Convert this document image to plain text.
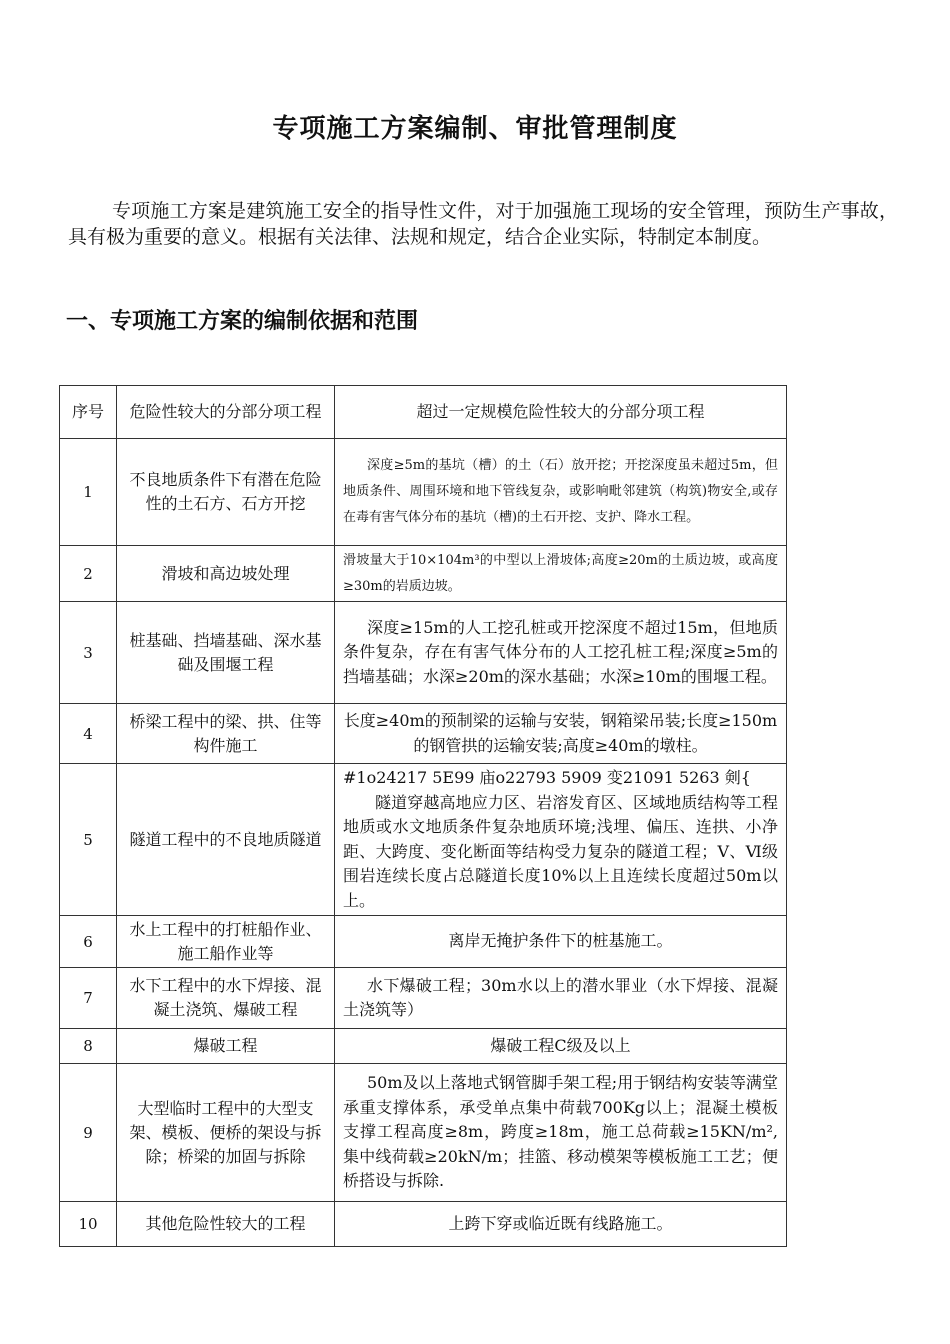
专项施工方案编制、审批管理制度

专项施工方案是建筑施工安全的指导性文件，对于加强施工现场的安全管理，预防生产事故，具有极为重要的意义。根据有关法律、法规和规定，结合企业实际，特制定本制度。

一、专项施工方案的编制依据和范围
序号	危险性较大的分部分项工程	超过一定规模危险性较大的分部分项工程
1	不良地质条件下有潜在危险性的土石方、石方开挖	深度≥5m的基坑（槽）的土（石）放开挖；开挖深度虽未超过5m，但地质条件、周围环境和地下管线复杂，或影响毗邻建筑（构筑)物安全,或存在毒有害气体分布的基坑（槽)的土石开挖、支护、降水工程。
2	滑坡和高边坡处理	滑坡量大于10×104m³的中型以上滑坡体;高度≥20m的土质边坡，或高度≥30m的岩质边坡。
3	桩基础、挡墙基础、深水基础及围堰工程	深度≥15m的人工挖孔桩或开挖深度不超过15m，但地质条件复杂，存在有害气体分布的人工挖孔桩工程;深度≥5m的挡墙基础；水深≥20m的深水基础；水深≥10m的围堰工程。
4	桥梁工程中的梁、拱、住等构件施工	长度≥40m的预制梁的运输与安装，钢箱梁吊装;长度≥150m的钢管拱的运输安装;高度≥40m的墩柱。
5	隧道工程中的不良地质隧道	#1o24217 5E99 庙o22793 5909 变21091 5263 剣{
隧道穿越高地应力区、岩溶发育区、区域地质结构等工程地质或水文地质条件复杂地质环境;浅埋、偏压、连拱、小净距、大跨度、变化断面等结构受力复杂的隧道工程；Ⅴ、Ⅵ级围岩连续长度占总隧道长度10%以上且连续长度超过50m以上。

6	水上工程中的打桩船作业、施工船作业等	离岸无掩护条件下的桩基施工。
7	水下工程中的水下焊接、混凝土浇筑、爆破工程	水下爆破工程；30m水以上的潜水罪业（水下焊接、混凝土浇筑等）
8	爆破工程	爆破工程C级及以上
9	大型临时工程中的大型支架、模板、便桥的架设与拆除；桥梁的加固与拆除	50m及以上落地式钢管脚手架工程;用于钢结构安装等满堂承重支撑体系，承受单点集中荷载700Kg以上；混凝土模板支撑工程高度≥8m，跨度≥18m，施工总荷载≥15KN/m²,集中线荷载≥20kN/m；挂篮、移动模架等模板施工工艺；便桥搭设与拆除.
10	其他危险性较大的工程	上跨下穿或临近既有线路施工。
